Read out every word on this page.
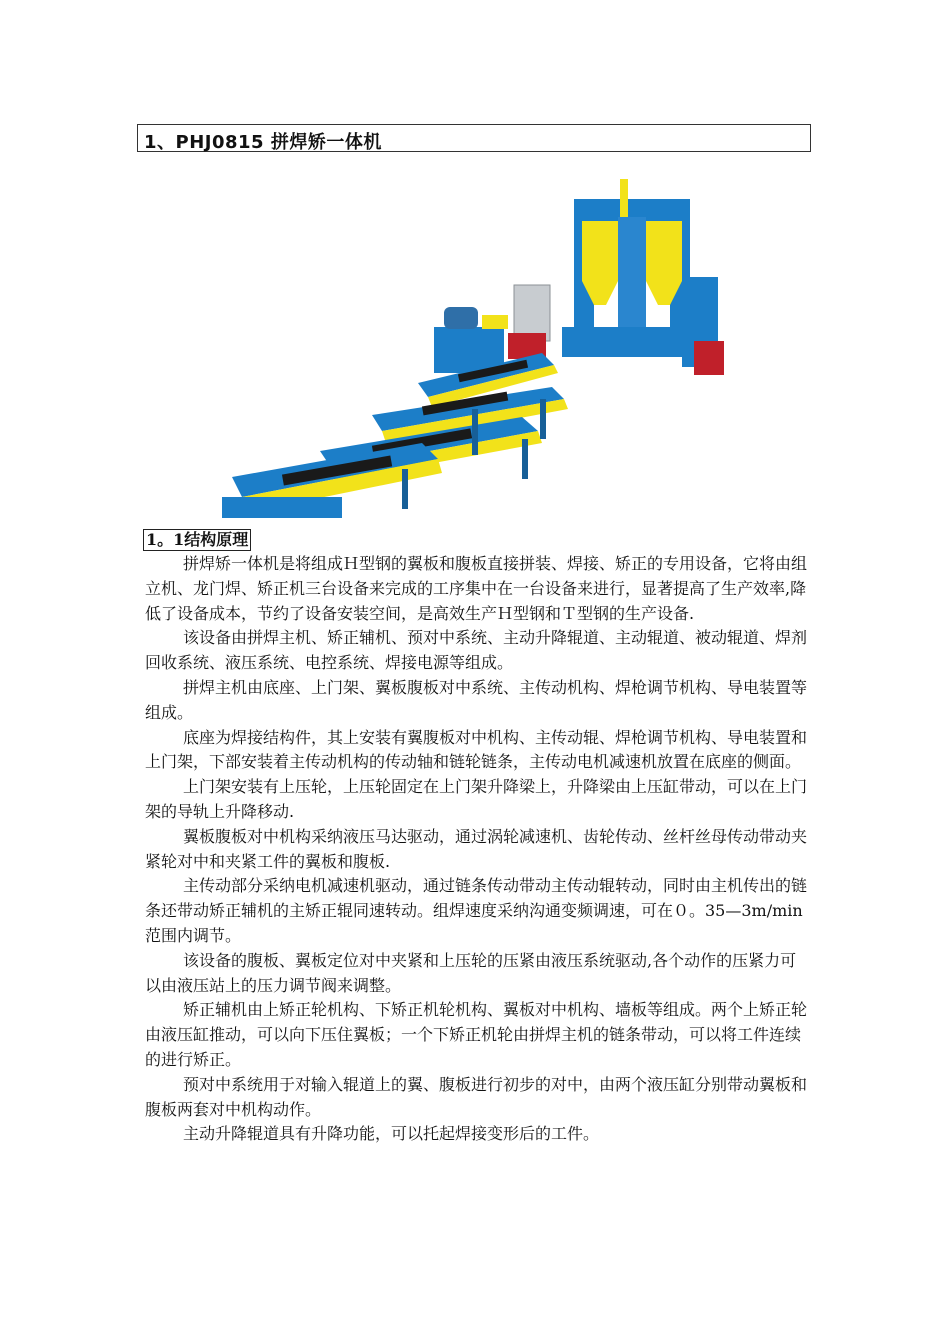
1、PHJ0815 拼焊矫一体机
1。1结构原理

拼焊矫一体机是将组成Ｈ型钢的翼板和腹板直接拼装、焊接、矫正的专用设备，它将由组立机、龙门焊、矫正机三台设备来完成的工序集中在一台设备来进行，显著提高了生产效率,降低了设备成本，节约了设备安装空间，是高效生产Ｈ型钢和Ｔ型钢的生产设备.

该设备由拼焊主机、矫正辅机、预对中系统、主动升降辊道、主动辊道、被动辊道、焊剂回收系统、液压系统、电控系统、焊接电源等组成。

拼焊主机由底座、上门架、翼板腹板对中系统、主传动机构、焊枪调节机构、导电装置等组成。

底座为焊接结构件，其上安装有翼腹板对中机构、主传动辊、焊枪调节机构、导电装置和上门架，下部安装着主传动机构的传动轴和链轮链条，主传动电机减速机放置在底座的侧面。

上门架安装有上压轮，上压轮固定在上门架升降梁上，升降梁由上压缸带动，可以在上门架的导轨上升降移动.

翼板腹板对中机构采纳液压马达驱动，通过涡轮减速机、齿轮传动、丝杆丝母传动带动夹紧轮对中和夹紧工件的翼板和腹板.

主传动部分采纳电机减速机驱动，通过链条传动带动主传动辊转动，同时由主机传出的链条还带动矫正辅机的主矫正辊同速转动。组焊速度采纳沟通变频调速，可在０。35—3m/min范围内调节。

该设备的腹板、翼板定位对中夹紧和上压轮的压紧由液压系统驱动,各个动作的压紧力可以由液压站上的压力调节阀来调整。

矫正辅机由上矫正轮机构、下矫正机轮机构、翼板对中机构、墙板等组成。两个上矫正轮由液压缸推动，可以向下压住翼板；一个下矫正机轮由拼焊主机的链条带动，可以将工件连续的进行矫正。

预对中系统用于对输入辊道上的翼、腹板进行初步的对中，由两个液压缸分别带动翼板和腹板两套对中机构动作。

主动升降辊道具有升降功能，可以托起焊接变形后的工件。
